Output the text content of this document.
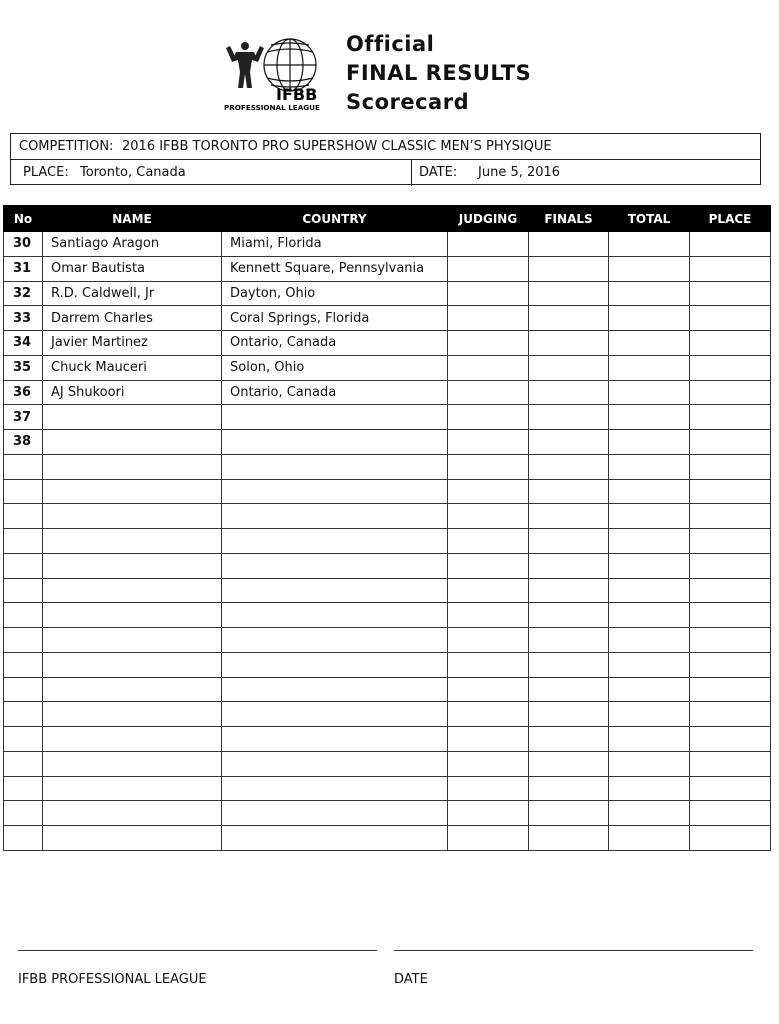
IFBB
PROFESSIONAL LEAGUE
Official
FINAL RESULTS
Scorecard
COMPETITION: 2016 IFBB TORONTO PRO SUPERSHOW CLASSIC MEN’S PHYSIQUE
PLACE: Toronto, Canada	DATE: June 5, 2016
No	NAME	COUNTRY	JUDGING	FINALS	TOTAL	PLACE
30	Santiago Aragon	Miami, Florida				
31	Omar Bautista	Kennett Square, Pennsylvania				
32	R.D. Caldwell, Jr	Dayton, Ohio				
33	Darrem Charles	Coral Springs, Florida				
34	Javier Martinez	Ontario, Canada				
35	Chuck Mauceri	Solon, Ohio				
36	AJ Shukoori	Ontario, Canada				
37						
38						

IFBB PROFESSIONAL LEAGUE	DATE
